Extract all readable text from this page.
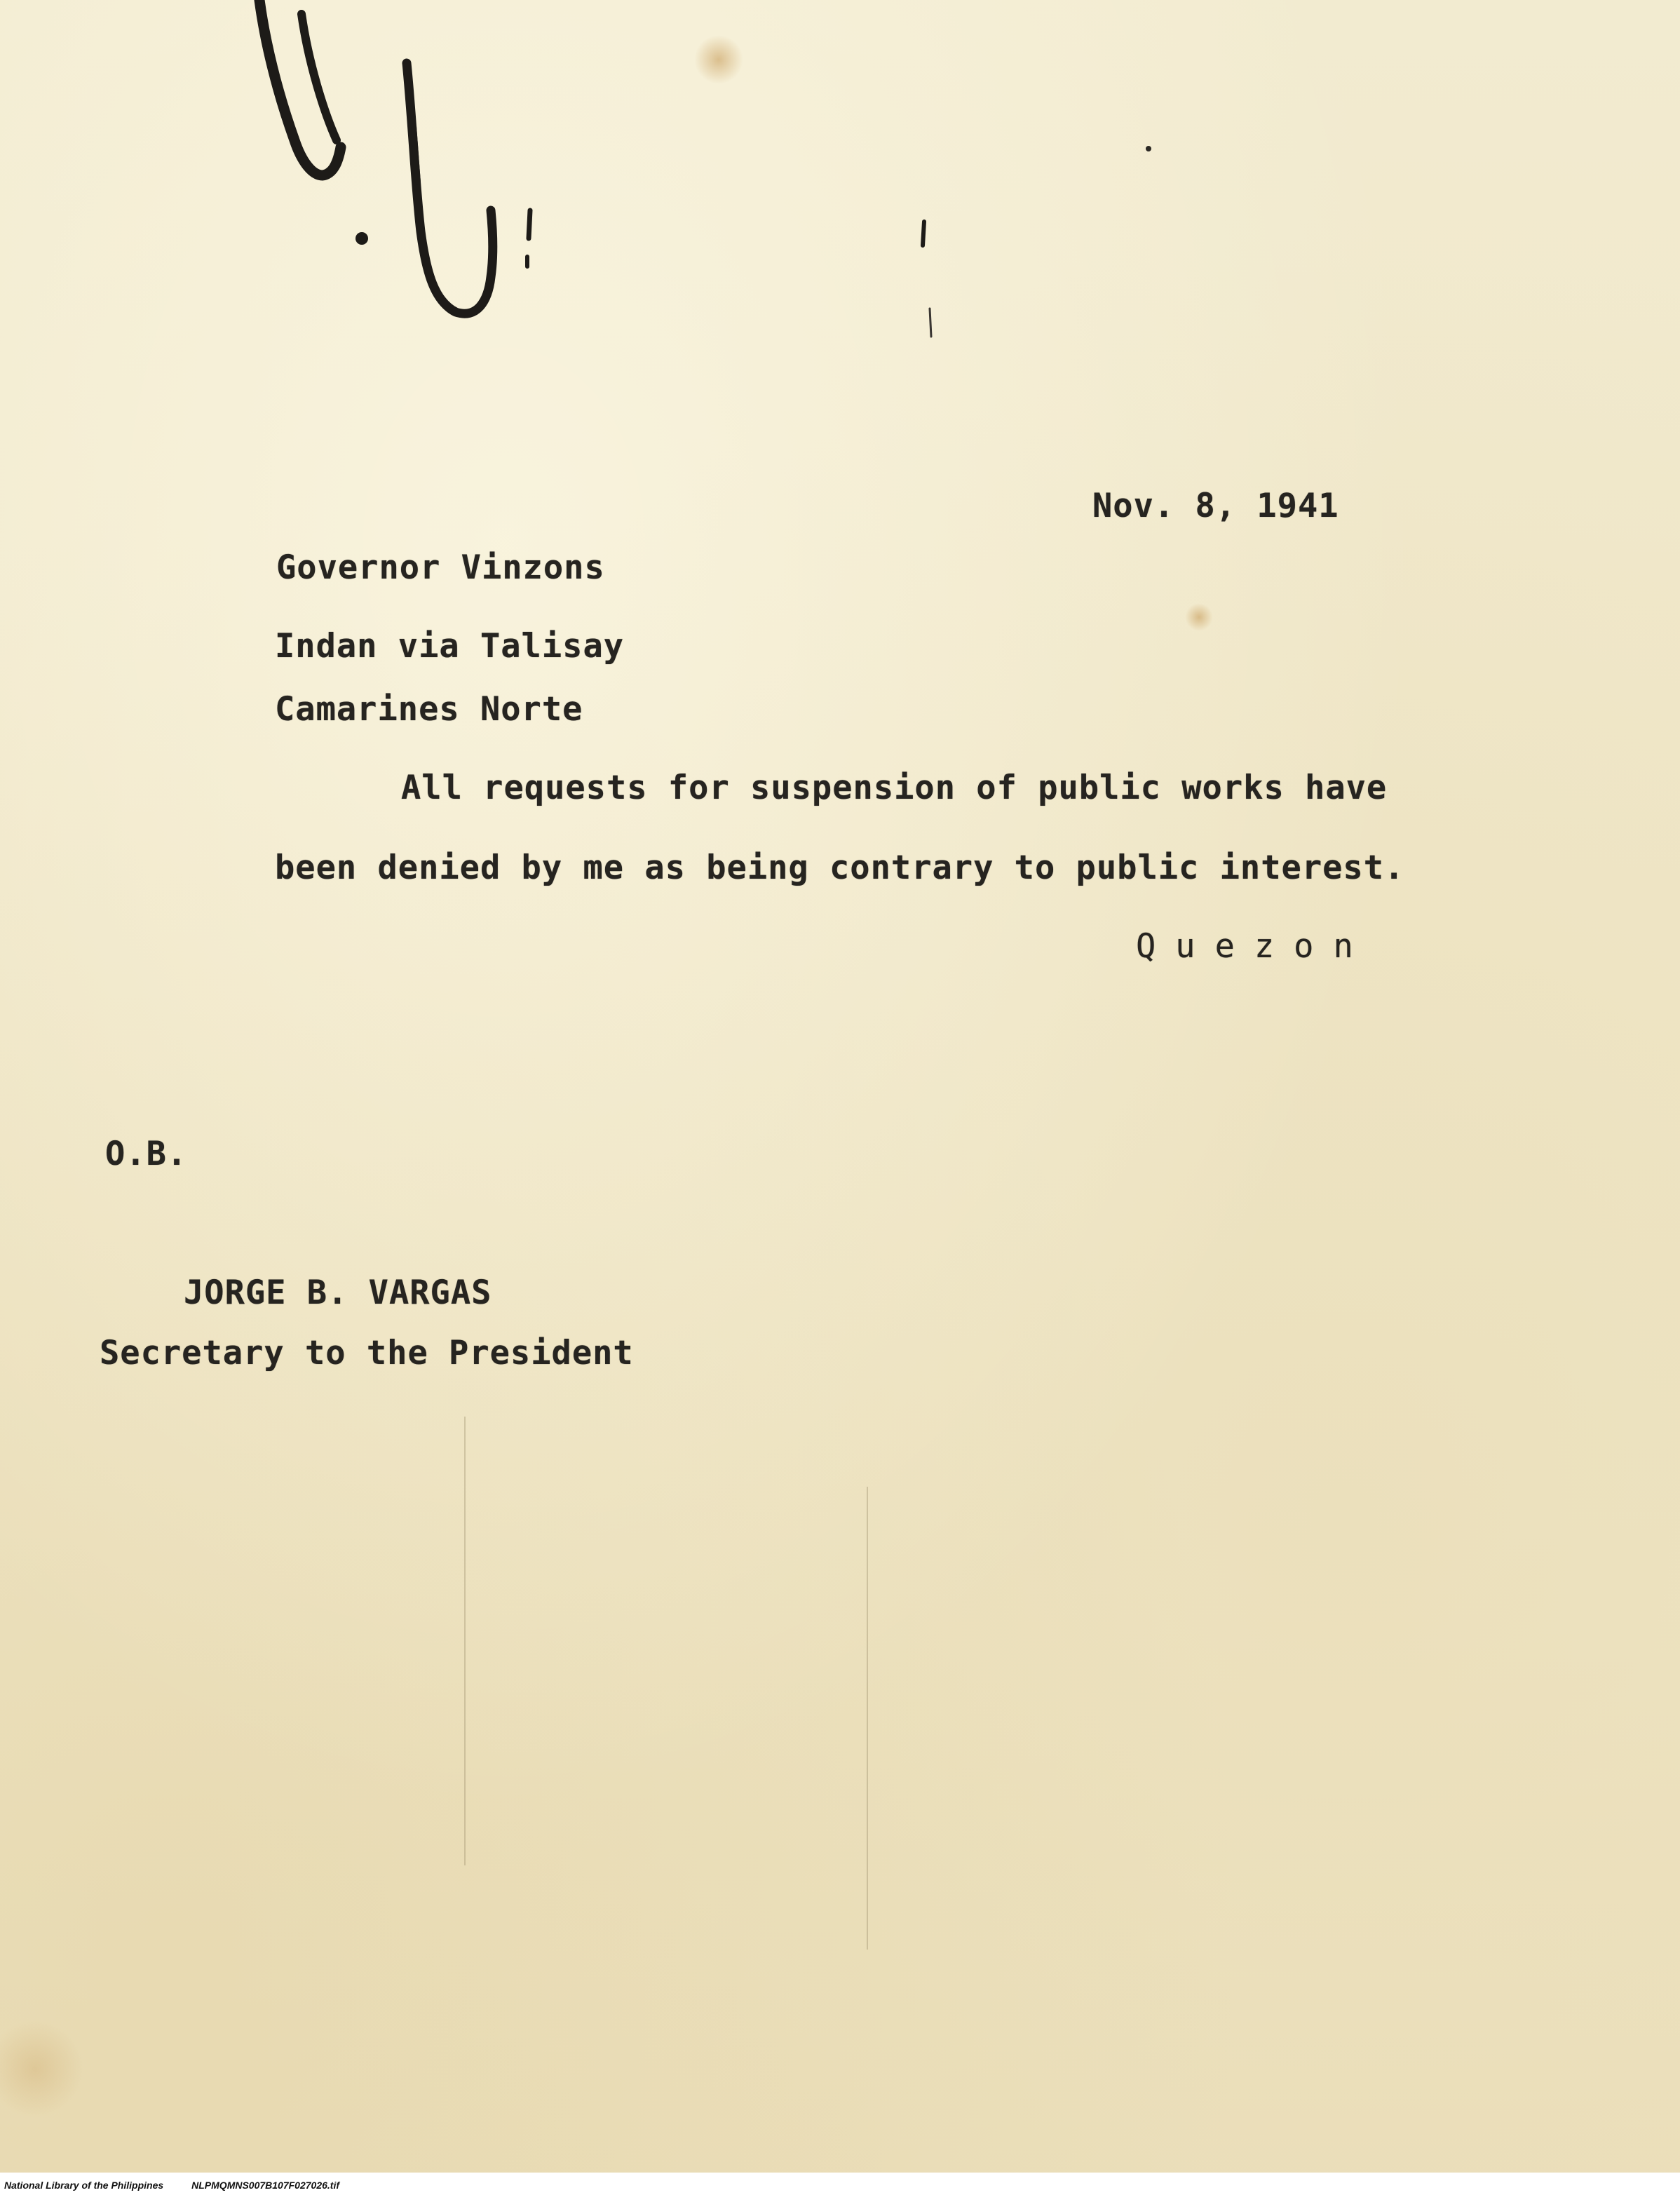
Nov. 8, 1941
Governor Vinzons
Indan via Talisay
Camarines Norte
All requests for suspension of public works have
been denied by me as being contrary to public interest.
Quezon
O.B.
JORGE B. VARGAS
Secretary to the President
National Library of the Philippines	NLPMQMNS007B107F027026.tif
